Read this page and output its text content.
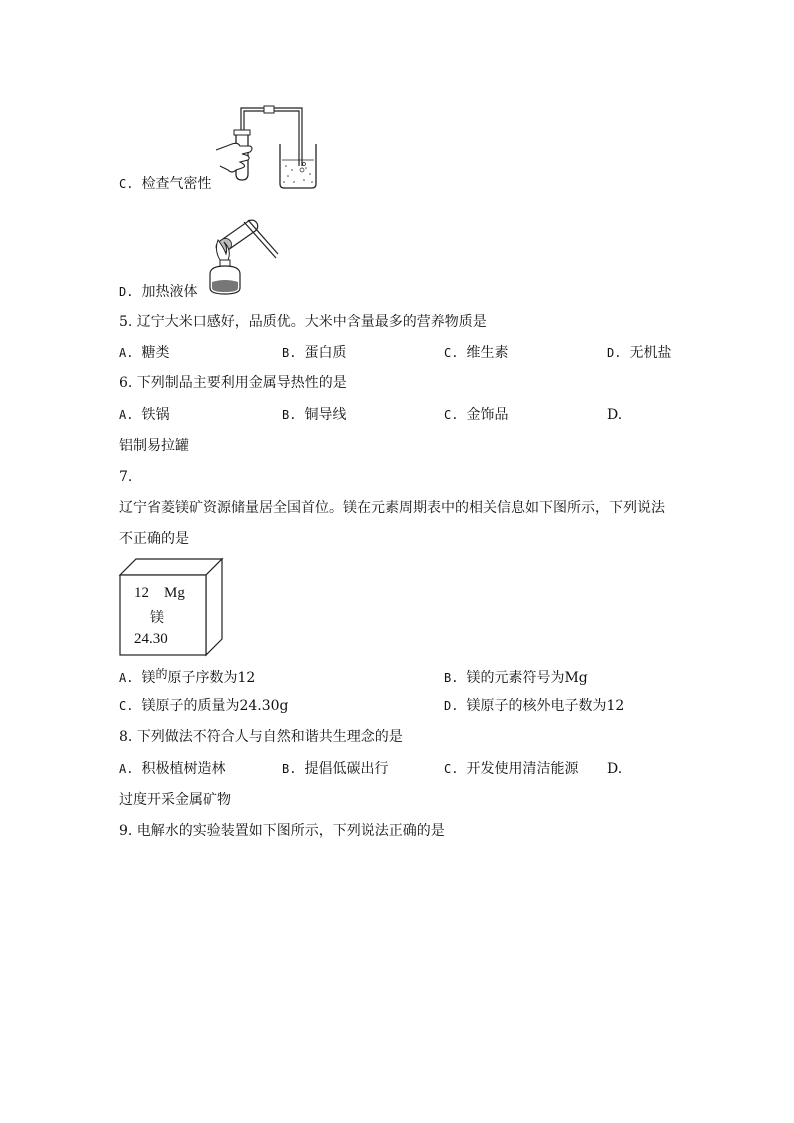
C. 检查气密性
D. 加热液体
5. 辽宁大米口感好，品质优。大米中含量最多的营养物质是
A. 糖类	B. 蛋白质	C. 维生素	D. 无机盐
6. 下列制品主要利用金属导热性的是
A. 铁锅	B. 铜导线	C. 金饰品	D.
铝制易拉罐
7.
辽宁省菱镁矿资源储量居全国首位。镁在元素周期表中的相关信息如下图所示，下列说法
不正确的是
12 Mg
镁
24.30
A. 镁的原子序数为12	B. 镁的元素符号为Mg
C. 镁原子的质量为24.30g	D. 镁原子的核外电子数为12
8. 下列做法不符合人与自然和谐共生理念的是
A. 积极植树造林	B. 提倡低碳出行	C. 开发使用清洁能源 D.
过度开采金属矿物
9. 电解水的实验装置如下图所示，下列说法正确的是
